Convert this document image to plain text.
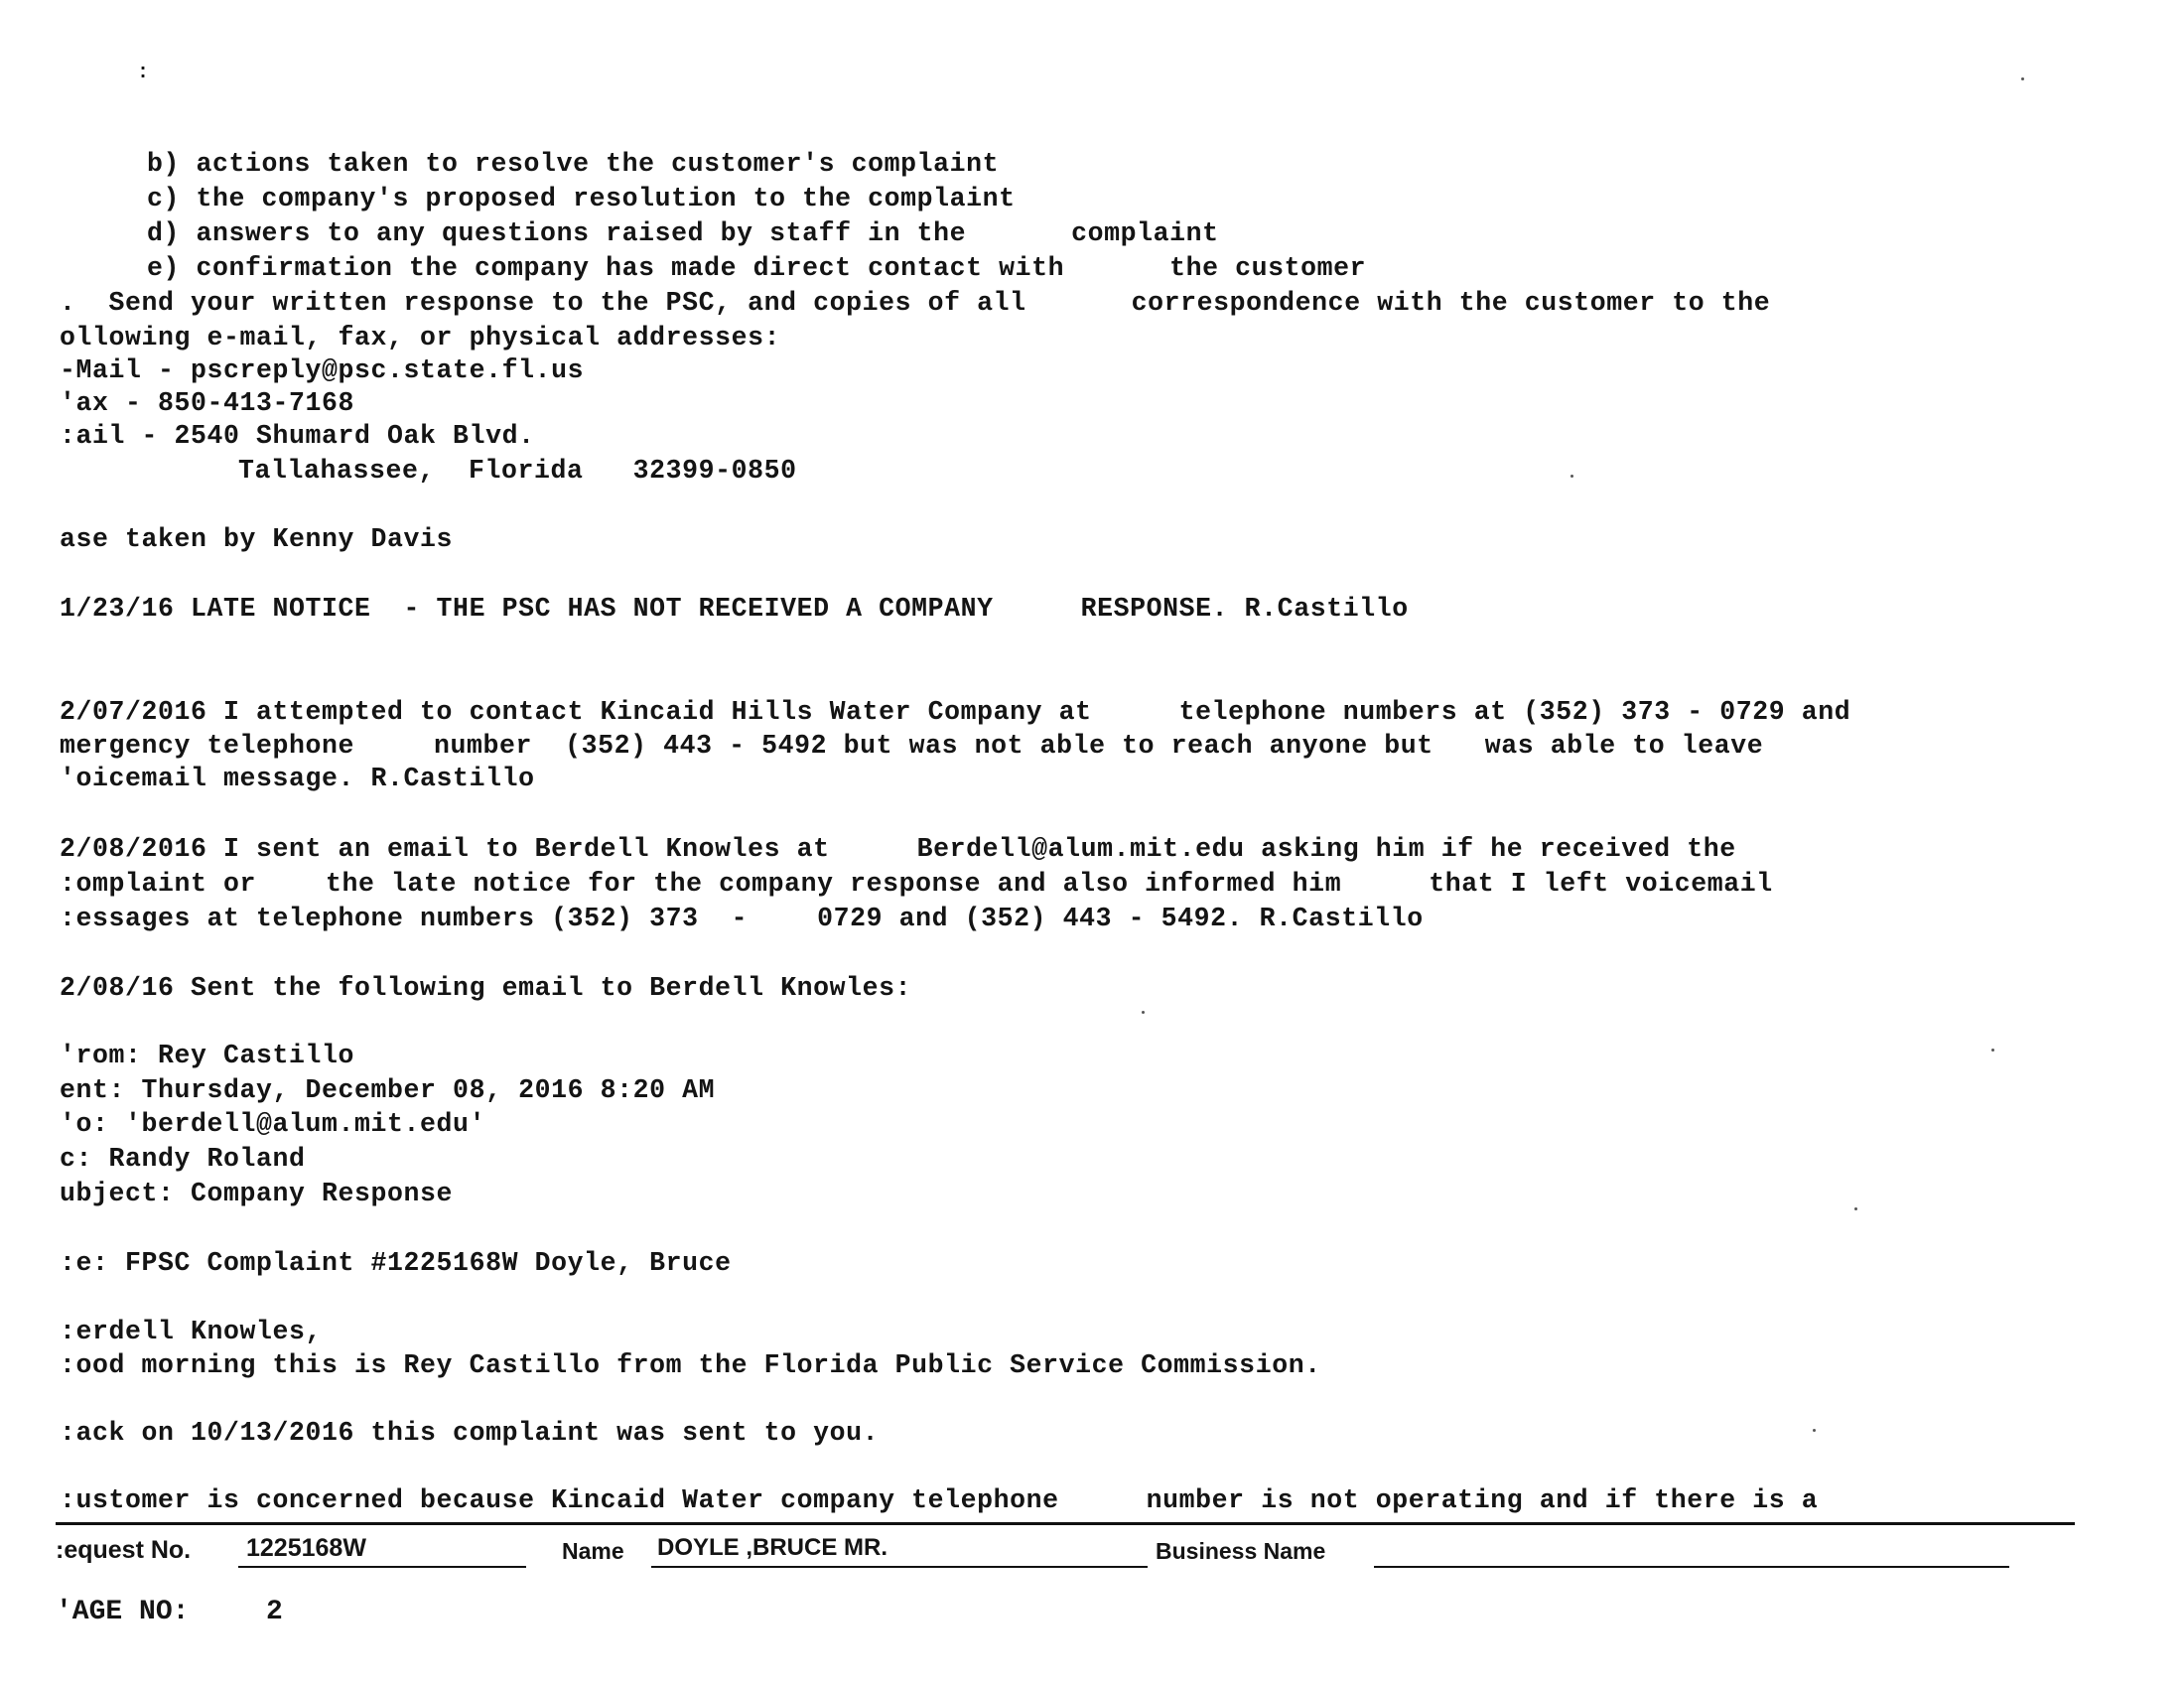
:
b) actions taken to resolve the customer's complaint
c) the company's proposed resolution to the complaint
d) answers to any questions raised by staff in the	complaint
e) confirmation the company has made direct contact with	the customer
.  Send your written response to the PSC, and copies of all	correspondence with the customer to the
ollowing e-mail, fax, or physical addresses:
-Mail - pscreply@psc.state.fl.us
'ax - 850-413-7168
:ail - 2540 Shumard Oak Blvd.
Tallahassee, Florida 32399-0850
ase taken by Kenny Davis
1/23/16 LATE NOTICE  - THE PSC HAS NOT RECEIVED A COMPANY	RESPONSE. R.Castillo
2/07/2016 I attempted to contact Kincaid Hills Water Company at	telephone numbers at (352) 373 - 0729 and
mergency telephone	number  (352) 443 - 5492 but was not able to reach anyone but was able to leave
'oicemail message. R.Castillo
2/08/2016 I sent an email to Berdell Knowles at	Berdell@alum.mit.edu asking him if he received the
:omplaint or	the late notice for the company response and also informed him	that I left voicemail
:essages at telephone numbers (352) 373  -	0729 and (352) 443 - 5492. R.Castillo
2/08/16 Sent the following email to Berdell Knowles:
'rom: Rey Castillo
ent: Thursday, December 08, 2016 8:20 AM
'o: 'berdell@alum.mit.edu'
c: Randy Roland
ubject: Company Response
:e: FPSC Complaint #1225168W Doyle, Bruce
:erdell Knowles,
:ood morning this is Rey Castillo from the Florida Public Service Commission.
:ack on 10/13/2016 this complaint was sent to you.
:ustomer is concerned because Kincaid Water company telephone	number is not operating and if there is a
:equest No. 1225168W	Name DOYLE ,BRUCE MR.	Business Name
'AGE NO:	2
